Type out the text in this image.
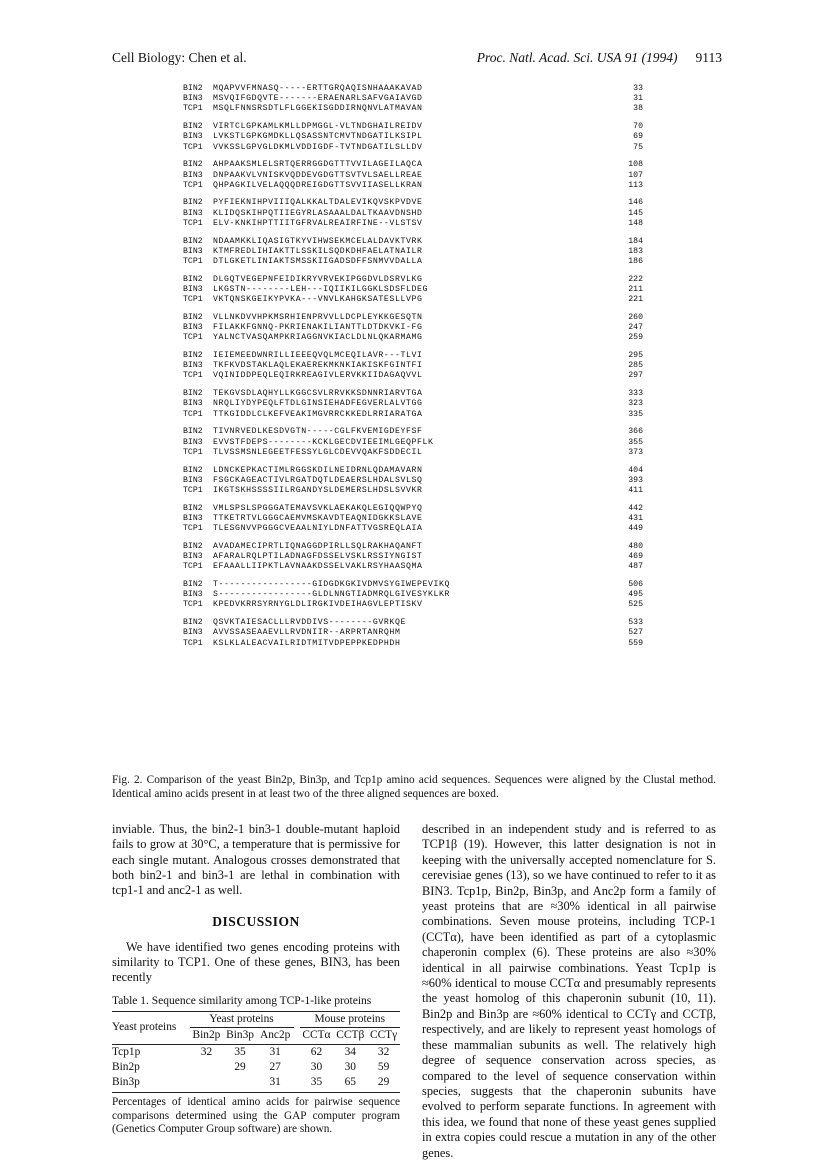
Cell Biology: Chen et al.	Proc. Natl. Acad. Sci. USA 91 (1994) 9113
BIN2	MQAPVVFMNASQ-----ERTTGRQAQISNHAAAKAVAD	33
BIN3	MSVQIFGDQVTE-------ERAENARLSAFVGAIAVGD	31
TCP1	MSQLFNNSRSDTLFLGGEKISGDDIRNQNVLATMAVAN	38
BIN2	VIRTCLGPKAMLKMLLDPMGGL-VLTNDGHAILREIDV	70
BIN3	LVKSTLGPKGMDKLLQSASSNTCMVTNDGATILKSIPL	69
TCP1	VVKSSLGPVGLDKMLVDDIGDF-TVTNDGATILSLLDV	75
BIN2	AHPAAKSMLELSRTQERRGGDGTTTVVILAGEILAQCA	108
BIN3	DNPAAKVLVNISKVQDDEVGDGTTSVTVLSAELLREAE	107
TCP1	QHPAGKILVELAQQQDREIGDGTTSVVIIASELLKRAN	113
BIN2	PYFIEKNIHPVIIIQALKKALTDALEVIKQVSKPVDVE	146
BIN3	KLIDQSKIHPQTIIEGYRLASAAALDALTKAAVDNSHD	145
TCP1	ELV-KNKIHPTTIITGFRVALREAIRFINE--VLSTSV	148
BIN2	NDAAMKKLIQASIGTKYVIHWSEKMCELALDAVKTVRK	184
BIN3	KTMFREDLIHIAKTTLSSKILSQDKDHFAELATNAILR	183
TCP1	DTLGKETLINIAKTSMSSKIIGADSDFFSNMVVDALLA	186
BIN2	DLGQTVEGEPNFEIDIKRYVRVEKIPGGDVLDSRVLKG	222
BIN3	LKGSTN--------LEH---IQIIKILGGKLSDSFLDEG	211
TCP1	VKTQNSKGEIKYPVKA---VNVLKAHGKSATESLLVPG	221
BIN2	VLLNKDVVHPKMSRHIENPRVVLLDCPLEYKKGESQTN	260
BIN3	FILAKKFGNNQ-PKRIENAKILIANTTLDTDKVKI-FG	247
TCP1	YALNCTVASQAMPKRIAGGNVKIACLDLNLQKARMAMG	259
BIN2	IEIEMEEDWNRILLIEEEQVQLMCEQILAVR---TLVI	295
BIN3	TKFKVDSTAKLAQLEKAEREKMKNKIAKISKFGINTFI	285
TCP1	VQINIDDPEQLEQIRKREAGIVLERVKKIIDAGAQVVL	297
BIN2	TEKGVSDLAQHYLLKGGCSVLRRVKKSDNNRIARVTGA	333
BIN3	NRQLIYDYPEQLFTDLGINSIEHADFEGVERLALVTGG	323
TCP1	TTKGIDDLCLKEFVEAKIMGVRRCKKEDLRRIARATGA	335
BIN2	TIVNRVEDLKESDVGTN-----CGLFKVEMIGDEYFSF	366
BIN3	EVVSTFDEPS--------KCKLGECDVIEEIMLGEQPFLK	355
TCP1	TLVSSMSNLEGEETFESSYLGLCDEVVQAKFSDDECIL	373
BIN2	LDNCKEPKACTIMLRGGSKDILNEIDRNLQDAMAVARN	404
BIN3	FSGCKAGEACTIVLRGATDQTLDEAERSLHDALSVLSQ	393
TCP1	IKGTSKHSSSSIILRGANDYSLDEMERSLHDSLSVVKR	411
BIN2	VMLSPSLSPGGGATEMAVSVKLAEKAKQLEGIQQWPYQ	442
BIN3	TTKETRTVLGGGCAEMVMSKAVDTEAQNIDGKKSLAVE	431
TCP1	TLESGNVVPGGGCVEAALNIYLDNFATTVGSREQLAIA	449
BIN2	AVADAMECIPRTLIQNAGGDPIRLLSQLRAKHAQANFT	480
BIN3	AFARALRQLPTILADNAGFDSSELVSKLRSSIYNGIST	469
TCP1	EFAAALLIIPKTLAVNAAKDSSELVAKLRSYHAASQMA	487
BIN2	T-----------------GIDGDKGKIVDMVSYGIWEPEVIKQ	506
BIN3	S-----------------GLDLNNGTIADMRQLGIVESYKLKR	495
TCP1	KPEDVKRRSYRNYGLDLIRGKIVDEIHAGVLEPTISKV	525
BIN2	QSVKTAIESACLLLRVDDIVS--------GVRKQE	533
BIN3	AVVSSASEAAEVLLRVDNIIR--ARPRTANRQHM	527
TCP1	KSLKLALEACVAILRIDTMITVDPEPPKEDPHDH	559
Fig. 2. Comparison of the yeast Bin2p, Bin3p, and Tcp1p amino acid sequences. Sequences were aligned by the Clustal method. Identical amino acids present in at least two of the three aligned sequences are boxed.

inviable. Thus, the bin2-1 bin3-1 double-mutant haploid fails to grow at 30°C, a temperature that is permissive for each single mutant. Analogous crosses demonstrated that both bin2-1 and bin3-1 are lethal in combination with tcp1-1 and anc2-1 as well.

DISCUSSION

We have identified two genes encoding proteins with similarity to TCP1. One of these genes, BIN3, has been recently

Table 1. Sequence similarity among TCP-1-like proteins

Yeast proteins	Yeast proteins				Mouse proteins		
	Bin2p	Bin3p	Anc2p		CCTα	CCTβ	CCTγ
Tcp1p	32	35	31		62	34	32
Bin2p		29	27		30	30	59
Bin3p			31		35	65	29

Percentages of identical amino acids for pairwise sequence comparisons determined using the GAP computer program (Genetics Computer Group software) are shown.

described in an independent study and is referred to as TCP1β (19). However, this latter designation is not in keeping with the universally accepted nomenclature for S. cerevisiae genes (13), so we have continued to refer to it as BIN3. Tcp1p, Bin2p, Bin3p, and Anc2p form a family of yeast proteins that are ≈30% identical in all pairwise combinations. Seven mouse proteins, including TCP-1 (CCTα), have been identified as part of a cytoplasmic chaperonin complex (6). These proteins are also ≈30% identical in all pairwise combinations. Yeast Tcp1p is ≈60% identical to mouse CCTα and presumably represents the yeast homolog of this chaperonin subunit (10, 11). Bin2p and Bin3p are ≈60% identical to CCTγ and CCTβ, respectively, and are likely to represent yeast homologs of these mammalian subunits as well. The relatively high degree of sequence conservation across species, as compared to the level of sequence conservation within species, suggests that the chaperonin subunits have evolved to perform separate functions. In agreement with this idea, we found that none of these yeast genes supplied in extra copies could rescue a mutation in any of the other genes.
